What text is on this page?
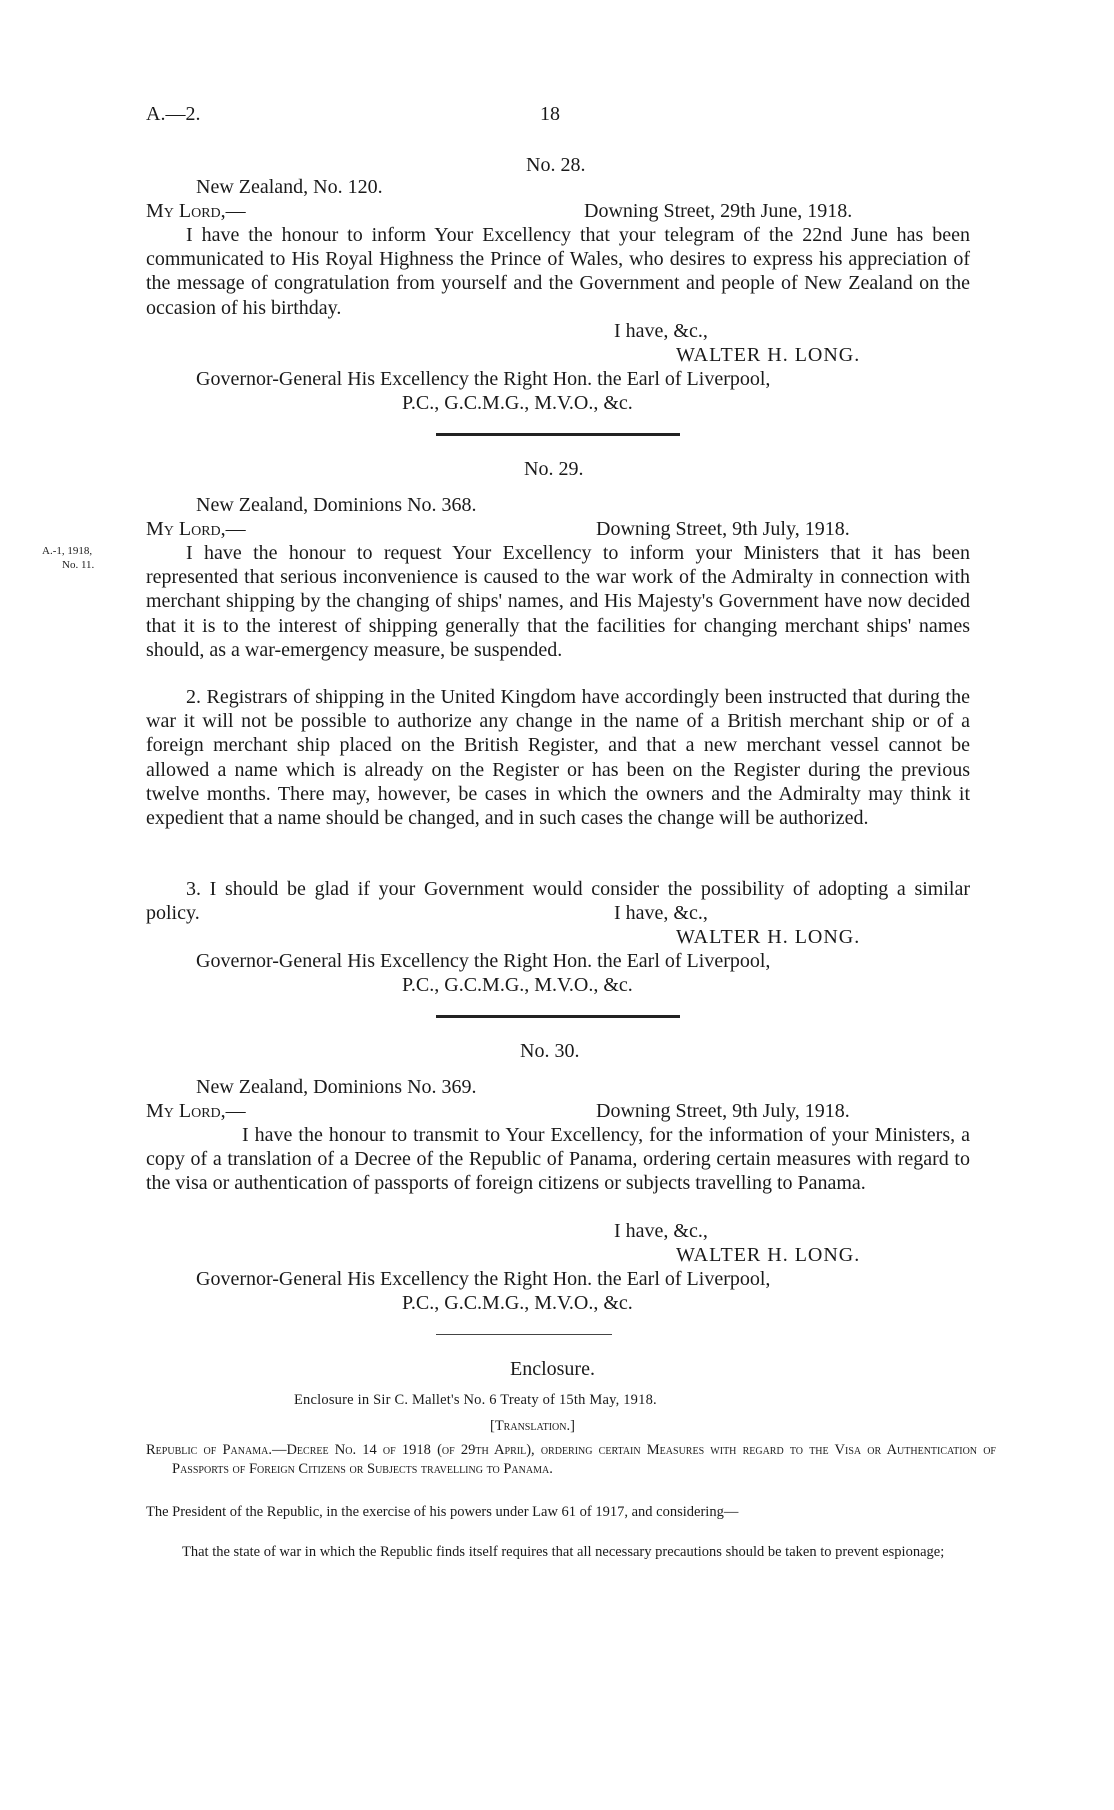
A.—2.	18
No. 28.
New Zealand, No. 120.
My Lord,—	Downing Street, 29th June, 1918.

I have the honour to inform Your Excellency that your telegram of the 22nd June has been communicated to His Royal Highness the Prince of Wales, who desires to express his appreciation of the message of congratulation from yourself and the Government and people of New Zealand on the occasion of his birthday.

I have, &c.,
WALTER H. LONG.
Governor-General His Excellency the Right Hon. the Earl of Liverpool,
P.C., G.C.M.G., M.V.O., &c.
No. 29.
New Zealand, Dominions No. 368.
My Lord,—	Downing Street, 9th July, 1918.
A.-1, 1918,
No. 11.

I have the honour to request Your Excellency to inform your Ministers that it has been represented that serious inconvenience is caused to the war work of the Admiralty in connection with merchant shipping by the changing of ships' names, and His Majesty's Government have now decided that it is to the interest of shipping generally that the facilities for changing merchant ships' names should, as a war-emergency measure, be suspended.

2. Registrars of shipping in the United Kingdom have accordingly been instructed that during the war it will not be possible to authorize any change in the name of a British merchant ship or of a foreign merchant ship placed on the British Register, and that a new merchant vessel cannot be allowed a name which is already on the Register or has been on the Register during the previous twelve months. There may, however, be cases in which the owners and the Admiralty may think it expedient that a name should be changed, and in such cases the change will be authorized.

3. I should be glad if your Government would consider the possibility of adopting a similar policy.	I have, &c.,
WALTER H. LONG.
Governor-General His Excellency the Right Hon. the Earl of Liverpool,
P.C., G.C.M.G., M.V.O., &c.
No. 30.
New Zealand, Dominions No. 369.
My Lord,—	Downing Street, 9th July, 1918.

I have the honour to transmit to Your Excellency, for the information of your Ministers, a copy of a translation of a Decree of the Republic of Panama, ordering certain measures with regard to the visa or authentication of passports of foreign citizens or subjects travelling to Panama.

I have, &c.,
WALTER H. LONG.
Governor-General His Excellency the Right Hon. the Earl of Liverpool,
P.C., G.C.M.G., M.V.O., &c.
Enclosure.
Enclosure in Sir C. Mallet's No. 6 Treaty of 15th May, 1918.
[Translation.]

Republic of Panama.—Decree No. 14 of 1918 (of 29th April), ordering certain Measures with regard to the Visa or Authentication of Passports of Foreign Citizens or Subjects travelling to Panama.

The President of the Republic, in the exercise of his powers under Law 61 of 1917, and considering—

That the state of war in which the Republic finds itself requires that all necessary precautions should be taken to prevent espionage;
